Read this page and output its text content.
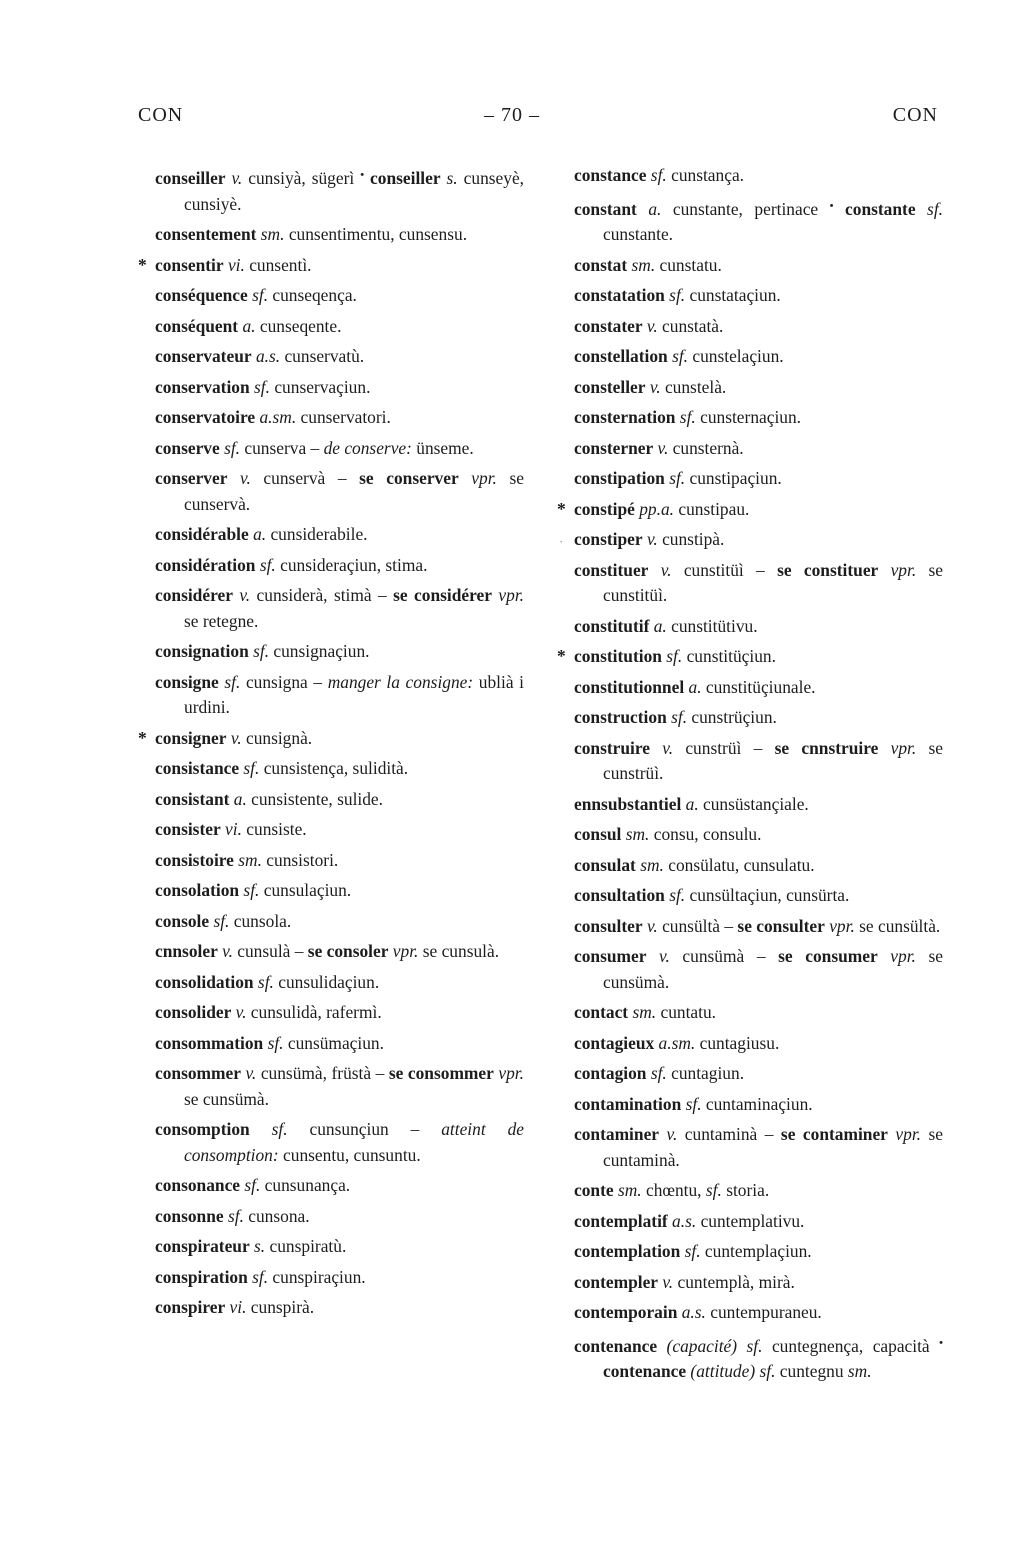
CON	– 70 –	CON

conseiller v. cunsiyà, sügerì • conseiller s. cunseyè, cunsiyè.

consentement sm. cunsentimentu, cunsensu.

* consentir vi. cunsentì.

conséquence sf. cunseqença.

conséquent a. cunseqente.

conservateur a.s. cunservatù.

conservation sf. cunservaçiun.

conservatoire a.sm. cunservatori.

conserve sf. cunserva – de conserve: ünseme.

conserver v. cunservà – se conserver vpr. se cunservà.

considérable a. cunsiderabile.

considération sf. cunsideraçiun, stima.

considérer v. cunsiderà, stimà – se considérer vpr. se retegne.

consignation sf. cunsignaçiun.

consigne sf. cunsigna – manger la consigne: ublià i urdini.

* consigner v. cunsignà.

consistance sf. cunsistença, sulidità.

consistant a. cunsistente, sulide.

consister vi. cunsiste.

consistoire sm. cunsistori.

consolation sf. cunsulaçiun.

console sf. cunsola.

cnnsoler v. cunsulà – se consoler vpr. se cunsulà.

consolidation sf. cunsulidaçiun.

consolider v. cunsulidà, rafermì.

consommation sf. cunsümaçiun.

consommer v. cunsümà, früstà – se consommer vpr. se cunsümà.

consomption sf. cunsunçiun – atteint de consomption: cunsentu, cunsuntu.

consonance sf. cunsunança.

consonne sf. cunsona.

conspirateur s. cunspiratù.

conspiration sf. cunspiraçiun.

conspirer vi. cunspirà.

constance sf. cunstança.

constant a. cunstante, pertinace • constante sf. cunstante.

constat sm. cunstatu.

constatation sf. cunstataçiun.

constater v. cunstatà.

constellation sf. cunstelaçiun.

consteller v. cunstelà.

consternation sf. cunsternaçiun.

consterner v. cunsternà.

constipation sf. cunstipaçiun.

* constipé pp.a. cunstipau.

· constiper v. cunstipà.

constituer v. cunstitüì – se constituer vpr. se cunstitüì.

constitutif a. cunstitütivu.

* constitution sf. cunstitüçiun.

constitutionnel a. cunstitüçiunale.

construction sf. cunstrüçiun.

construire v. cunstrüì – se cnnstruire vpr. se cunstrüì.

ennsubstantiel a. cunsüstançiale.

consul sm. consu, consulu.

consulat sm. consülatu, cunsulatu.

consultation sf. cunsültaçiun, cunsürta.

consulter v. cunsültà – se consulter vpr. se cunsültà.

consumer v. cunsümà – se consumer vpr. se cunsümà.

contact sm. cuntatu.

contagieux a.sm. cuntagiusu.

contagion sf. cuntagiun.

contamination sf. cuntaminaçiun.

contaminer v. cuntaminà – se contaminer vpr. se cuntaminà.

conte sm. chœntu, sf. storia.

contemplatif a.s. cuntemplativu.

contemplation sf. cuntemplaçiun.

contempler v. cuntemplà, mirà.

contemporain a.s. cuntempuraneu.

contenance (capacité) sf. cuntegnença, capacità • contenance (attitude) sf. cuntegnu sm.
